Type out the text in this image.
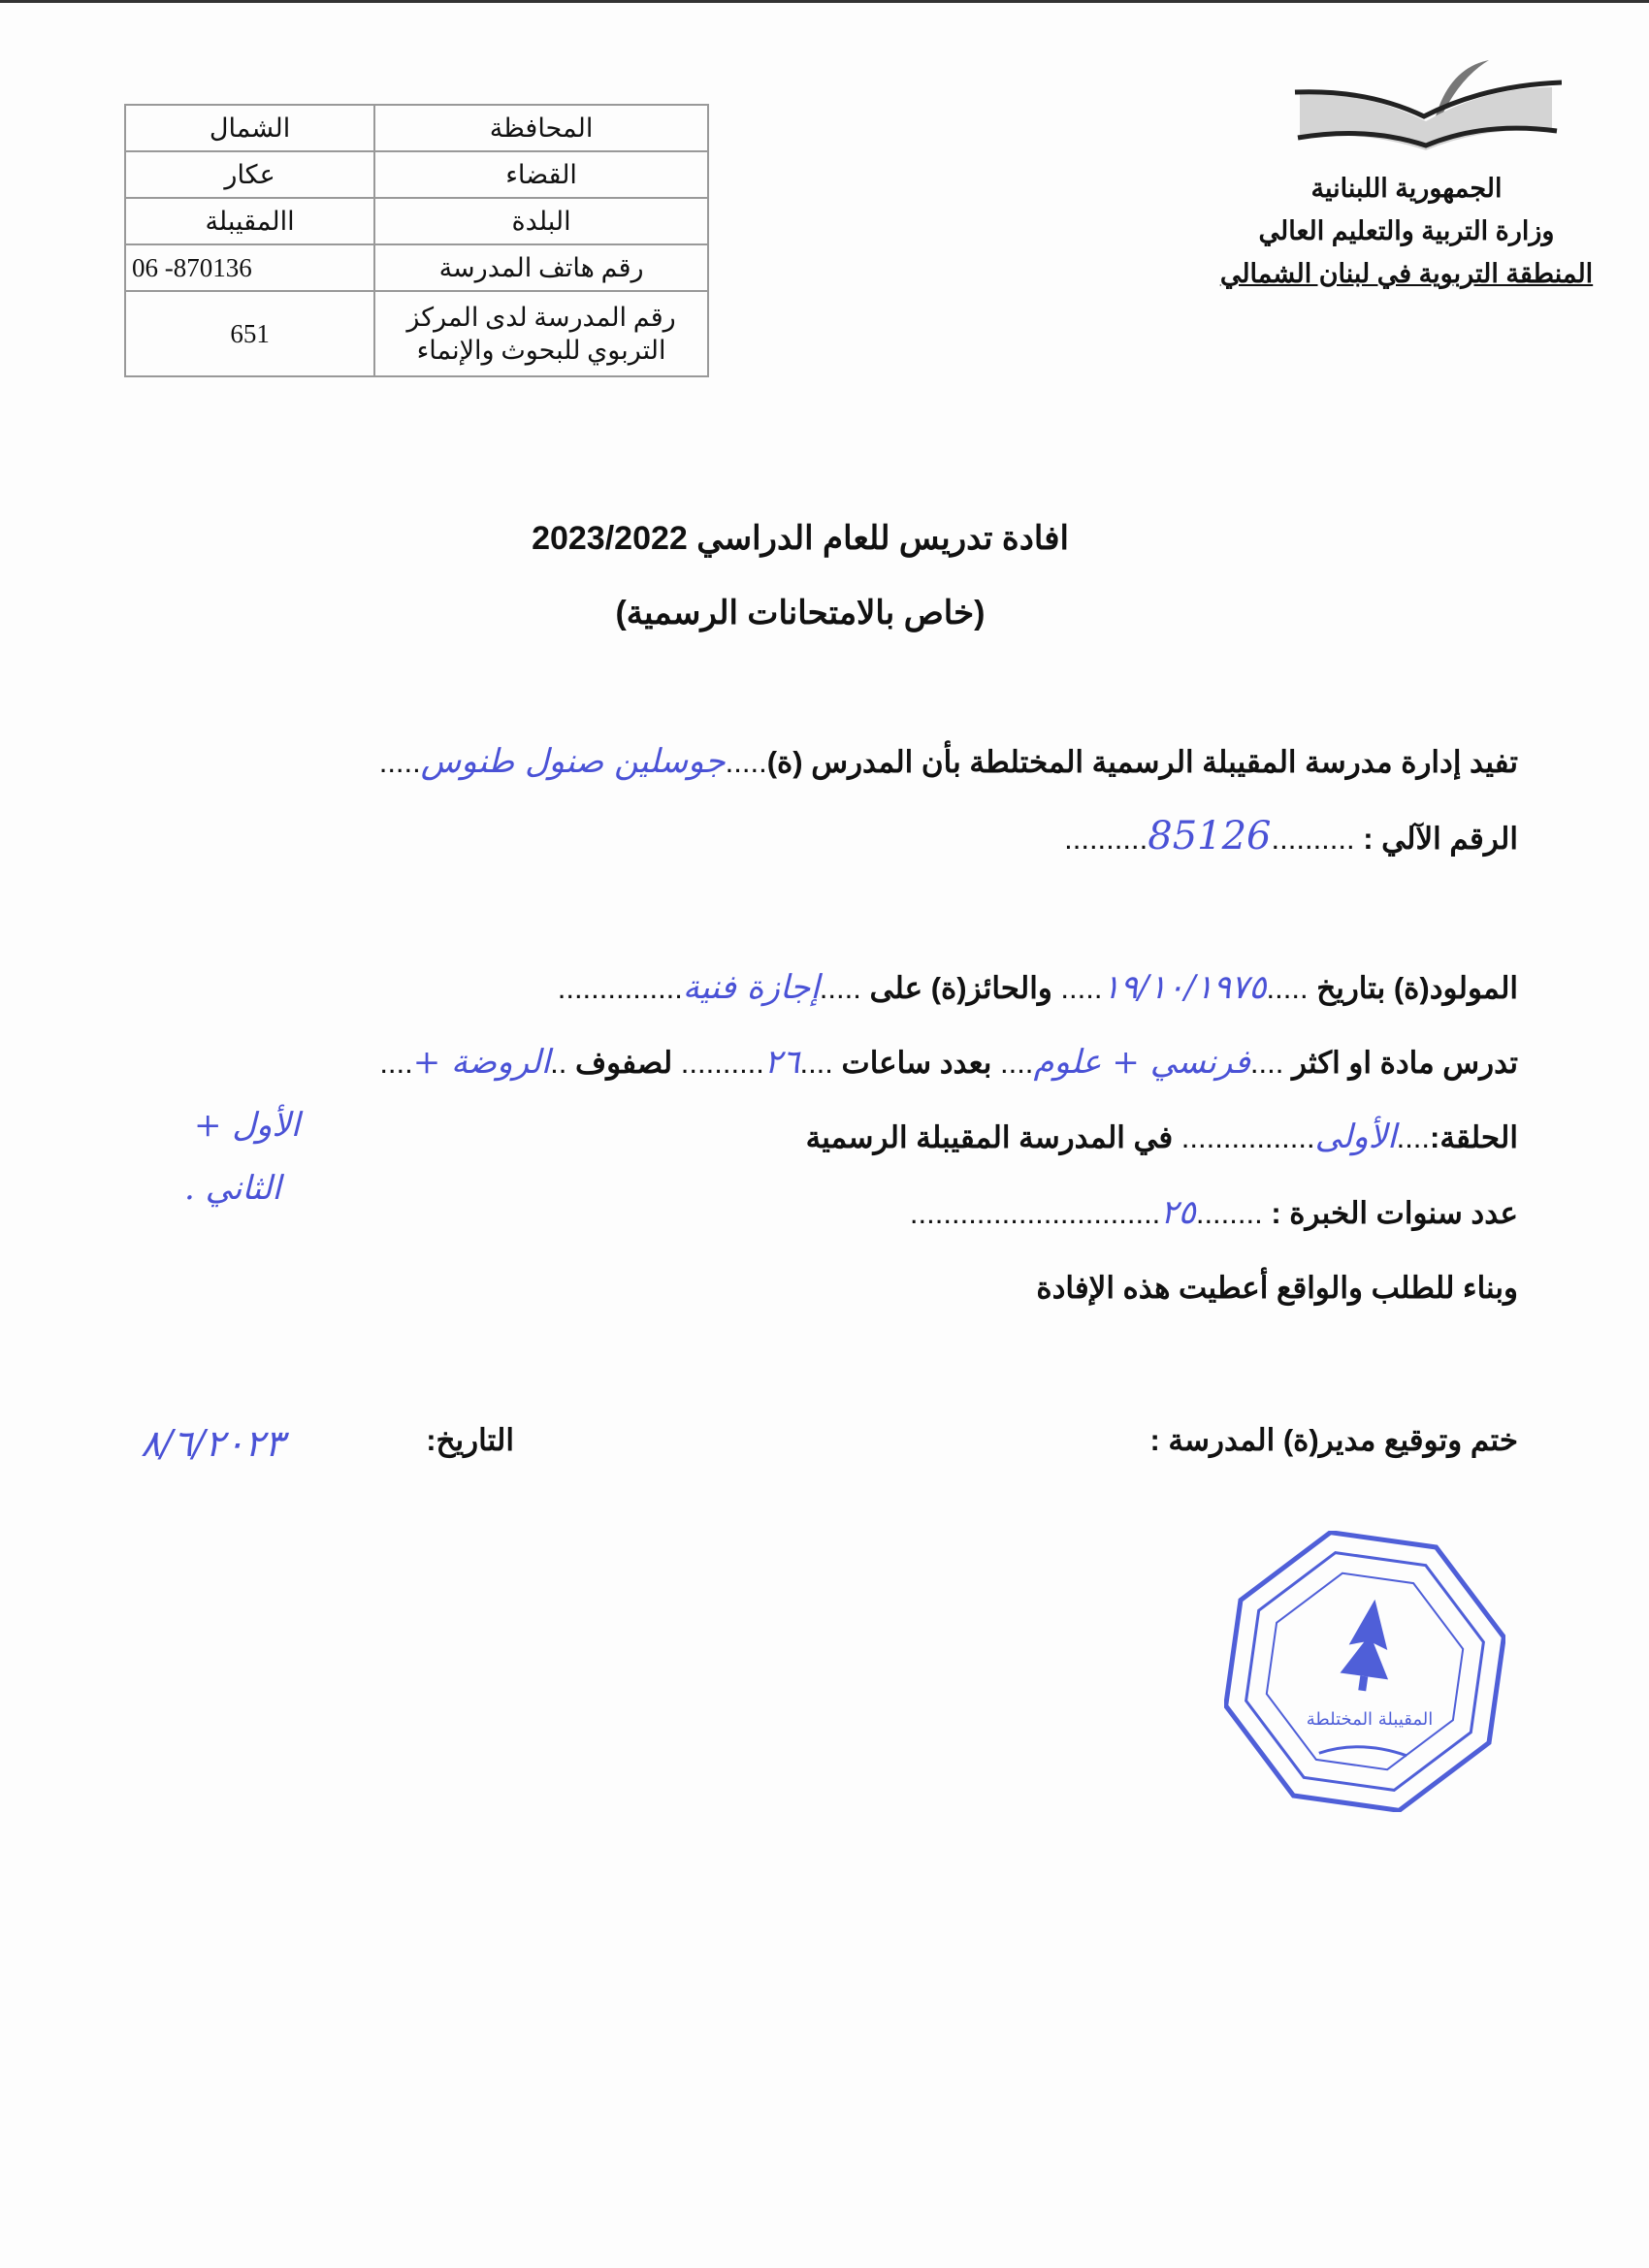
الشمال	المحافظة
عكار	القضاء
االمقيبلة	البلدة
06 -870136	رقم هاتف المدرسة
651	رقم المدرسة لدى المركز التربوي للبحوث والإنماء
الجمهورية اللبنانية
وزارة التربية والتعليم العالي
المنطقة التربوية في لبنان الشمالي
افادة تدريس للعام الدراسي 2023/2022
(خاص بالامتحانات الرسمية)
تفيد إدارة مدرسة المقيبلة الرسمية المختلطة بأن المدرس (ة).....جوسلين صنول طنوس.....
الرقم الآلي : ..........85126..........
المولود(ة) بتاريخ .....١٩/١٠/١٩٧٥..... والحائز(ة) على .....إجازة فنية...............
تدرس مادة او اكثر ....فرنسي + علوم.... بعدد ساعات ....٢٦.......... لصفوف ..الروضة +....
الأول +
الثاني .
الحلقة:....الأولى................ في المدرسة المقيبلة الرسمية
عدد سنوات الخبرة : ........٢٥..............................
وبناء للطلب والواقع أعطيت هذه الإفادة
ختم وتوقيع مدير(ة) المدرسة :
التاريخ:
٨/٦/٢٠٢٣
المقيبلة المختلطة
